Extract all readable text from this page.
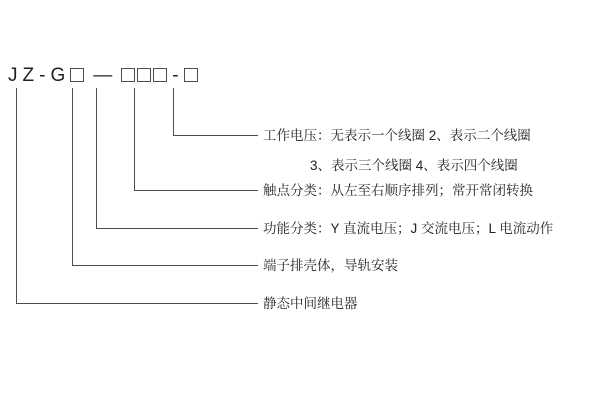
J Z - G —	-
工作电压：无表示一个线圈 2、表示二个线圈
3、表示三个线圈 4、表示四个线圈
触点分类：从左至右顺序排列；常开常闭转换
功能分类：Y 直流电压；J 交流电压；L 电流动作
端子排壳体，导轨安装
静态中间继电器
